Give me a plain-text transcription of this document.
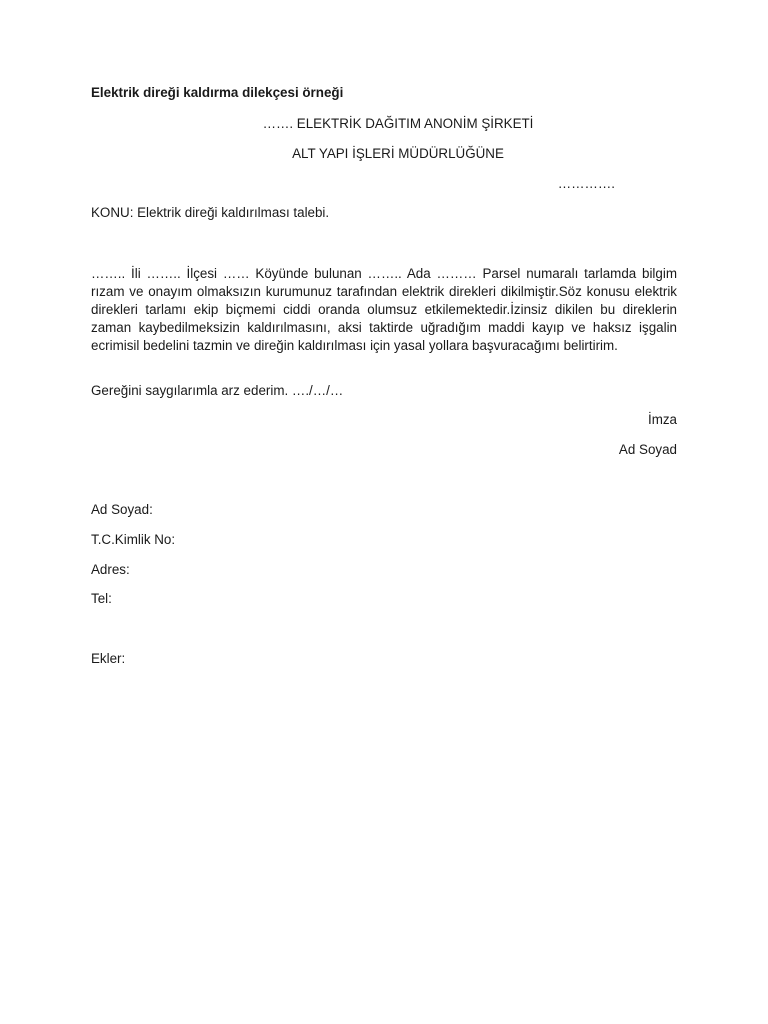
Elektrik direği kaldırma dilekçesi örneği
……. ELEKTRİK DAĞITIM ANONİM ŞİRKETİ
ALT YAPI İŞLERİ MÜDÜRLÜĞÜNE
………….
KONU: Elektrik direği kaldırılması talebi.
…….. İli …….. İlçesi …… Köyünde bulunan …….. Ada ……… Parsel numaralı tarlamda bilgim rızam ve onayım olmaksızın kurumunuz tarafından elektrik direkleri dikilmiştir.Söz konusu elektrik direkleri tarlamı ekip biçmemi ciddi oranda olumsuz etkilemektedir.İzinsiz dikilen bu direklerin zaman kaybedilmeksizin kaldırılmasını, aksi taktirde uğradığım maddi kayıp ve haksız işgalin ecrimisil bedelini tazmin ve direğin kaldırılması için yasal yollara başvuracağımı belirtirim.
Gereğini saygılarımla arz ederim. …./…/…
İmza
Ad Soyad
Ad Soyad:
T.C.Kimlik No:
Adres:
Tel:
Ekler:
